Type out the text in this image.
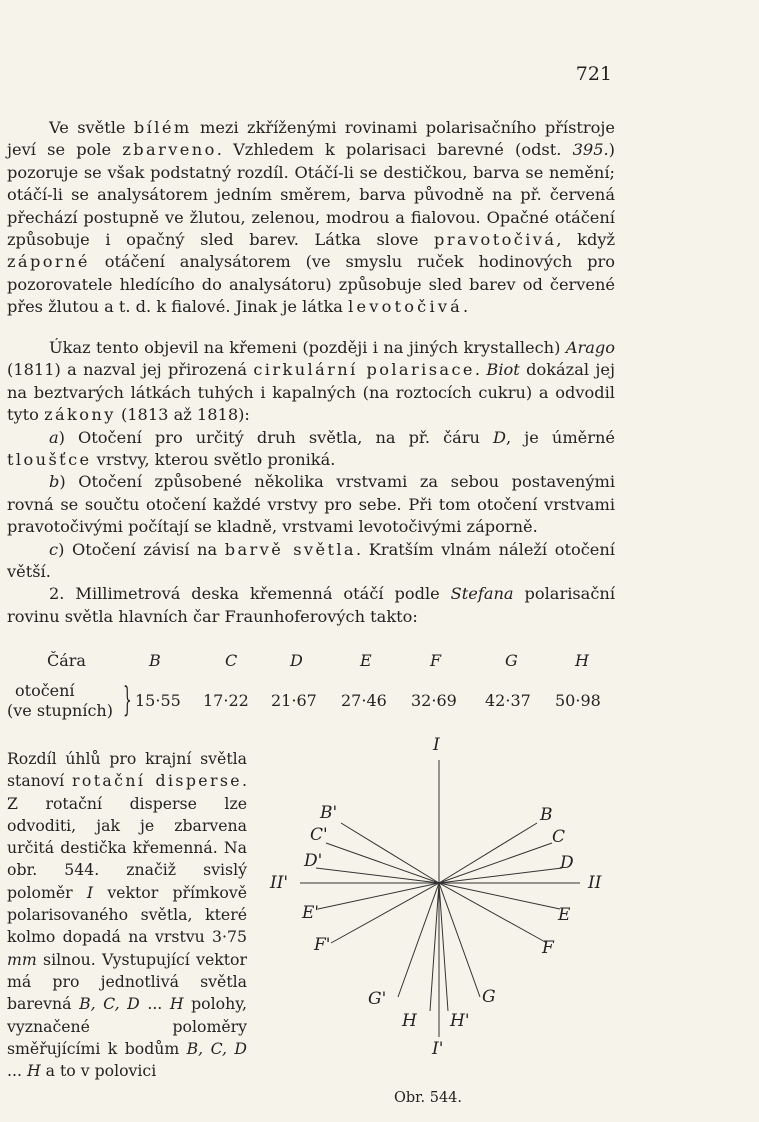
721

Ve světle bílém mezi zkříženými rovinami polarisačního přístroje jeví se pole zbarveno. Vzhledem k polarisaci barevné (odst. 395.) pozoruje se však podstatný rozdíl. Otáčí-li se destičkou, barva se nemění; otáčí-li se analysátorem jedním směrem, barva původně na př. červená přechází postupně ve žlutou, zelenou, modrou a fialovou. Opačné otáčení způsobuje i opačný sled barev. Látka slove pravotočivá, když záporné otáčení analysátorem (ve smyslu ruček hodinových pro pozorovatele hledícího do analysátoru) způsobuje sled barev od červené přes žlutou a t. d. k fialové. Jinak je látka levotočivá.

Úkaz tento objevil na křemeni (později i na jiných krystallech) Arago (1811) a nazval jej přirozená cirkulární polarisace. Biot dokázal jej na beztvarých látkách tuhých i kapalných (na roztocích cukru) a odvodil tyto zákony (1813 až 1818):

a) Otočení pro určitý druh světla, na př. čáru D, je úměrné tloušťce vrstvy, kterou světlo proniká.

b) Otočení způsobené několika vrstvami za sebou postavenými rovná se součtu otočení každé vrstvy pro sebe. Při tom otočení vrstvami pravotočivými počítají se kladně, vrstvami levotočivými záporně.

c) Otočení závisí na barvě světla. Kratším vlnám náleží otočení větší.

2. Millimetrová deska křemenná otáčí podle Stefana polarisační rovinu světla hlavních čar Fraunhoferových takto:

Čára	B	C	D	E	F	G	H
otočení
(ve stupních) } 15·55 17·22 21·67 27·46 32·69 42·37 50·98

Rozdíl úhlů pro krajní světla stanoví rotační disperse. Z rotační disperse lze odvoditi, jak je zbarvena určitá destička křemenná. Na obr. 544. značiž svislý poloměr I vektor přímkově polarisovaného světla, které kolmo dopadá na vrstvu 3·75 mm silnou. Vystupující vektor má pro jednotlivá světla barevná B, C, D ... H polohy, vyznačené poloměry směřujícími k bodům B, C, D ... H a to v polovici

I
I'
II
II'
B
C
D
E
F
G
H'
B'
C'
D'
E'
F'
G'
H
Obr. 544.
